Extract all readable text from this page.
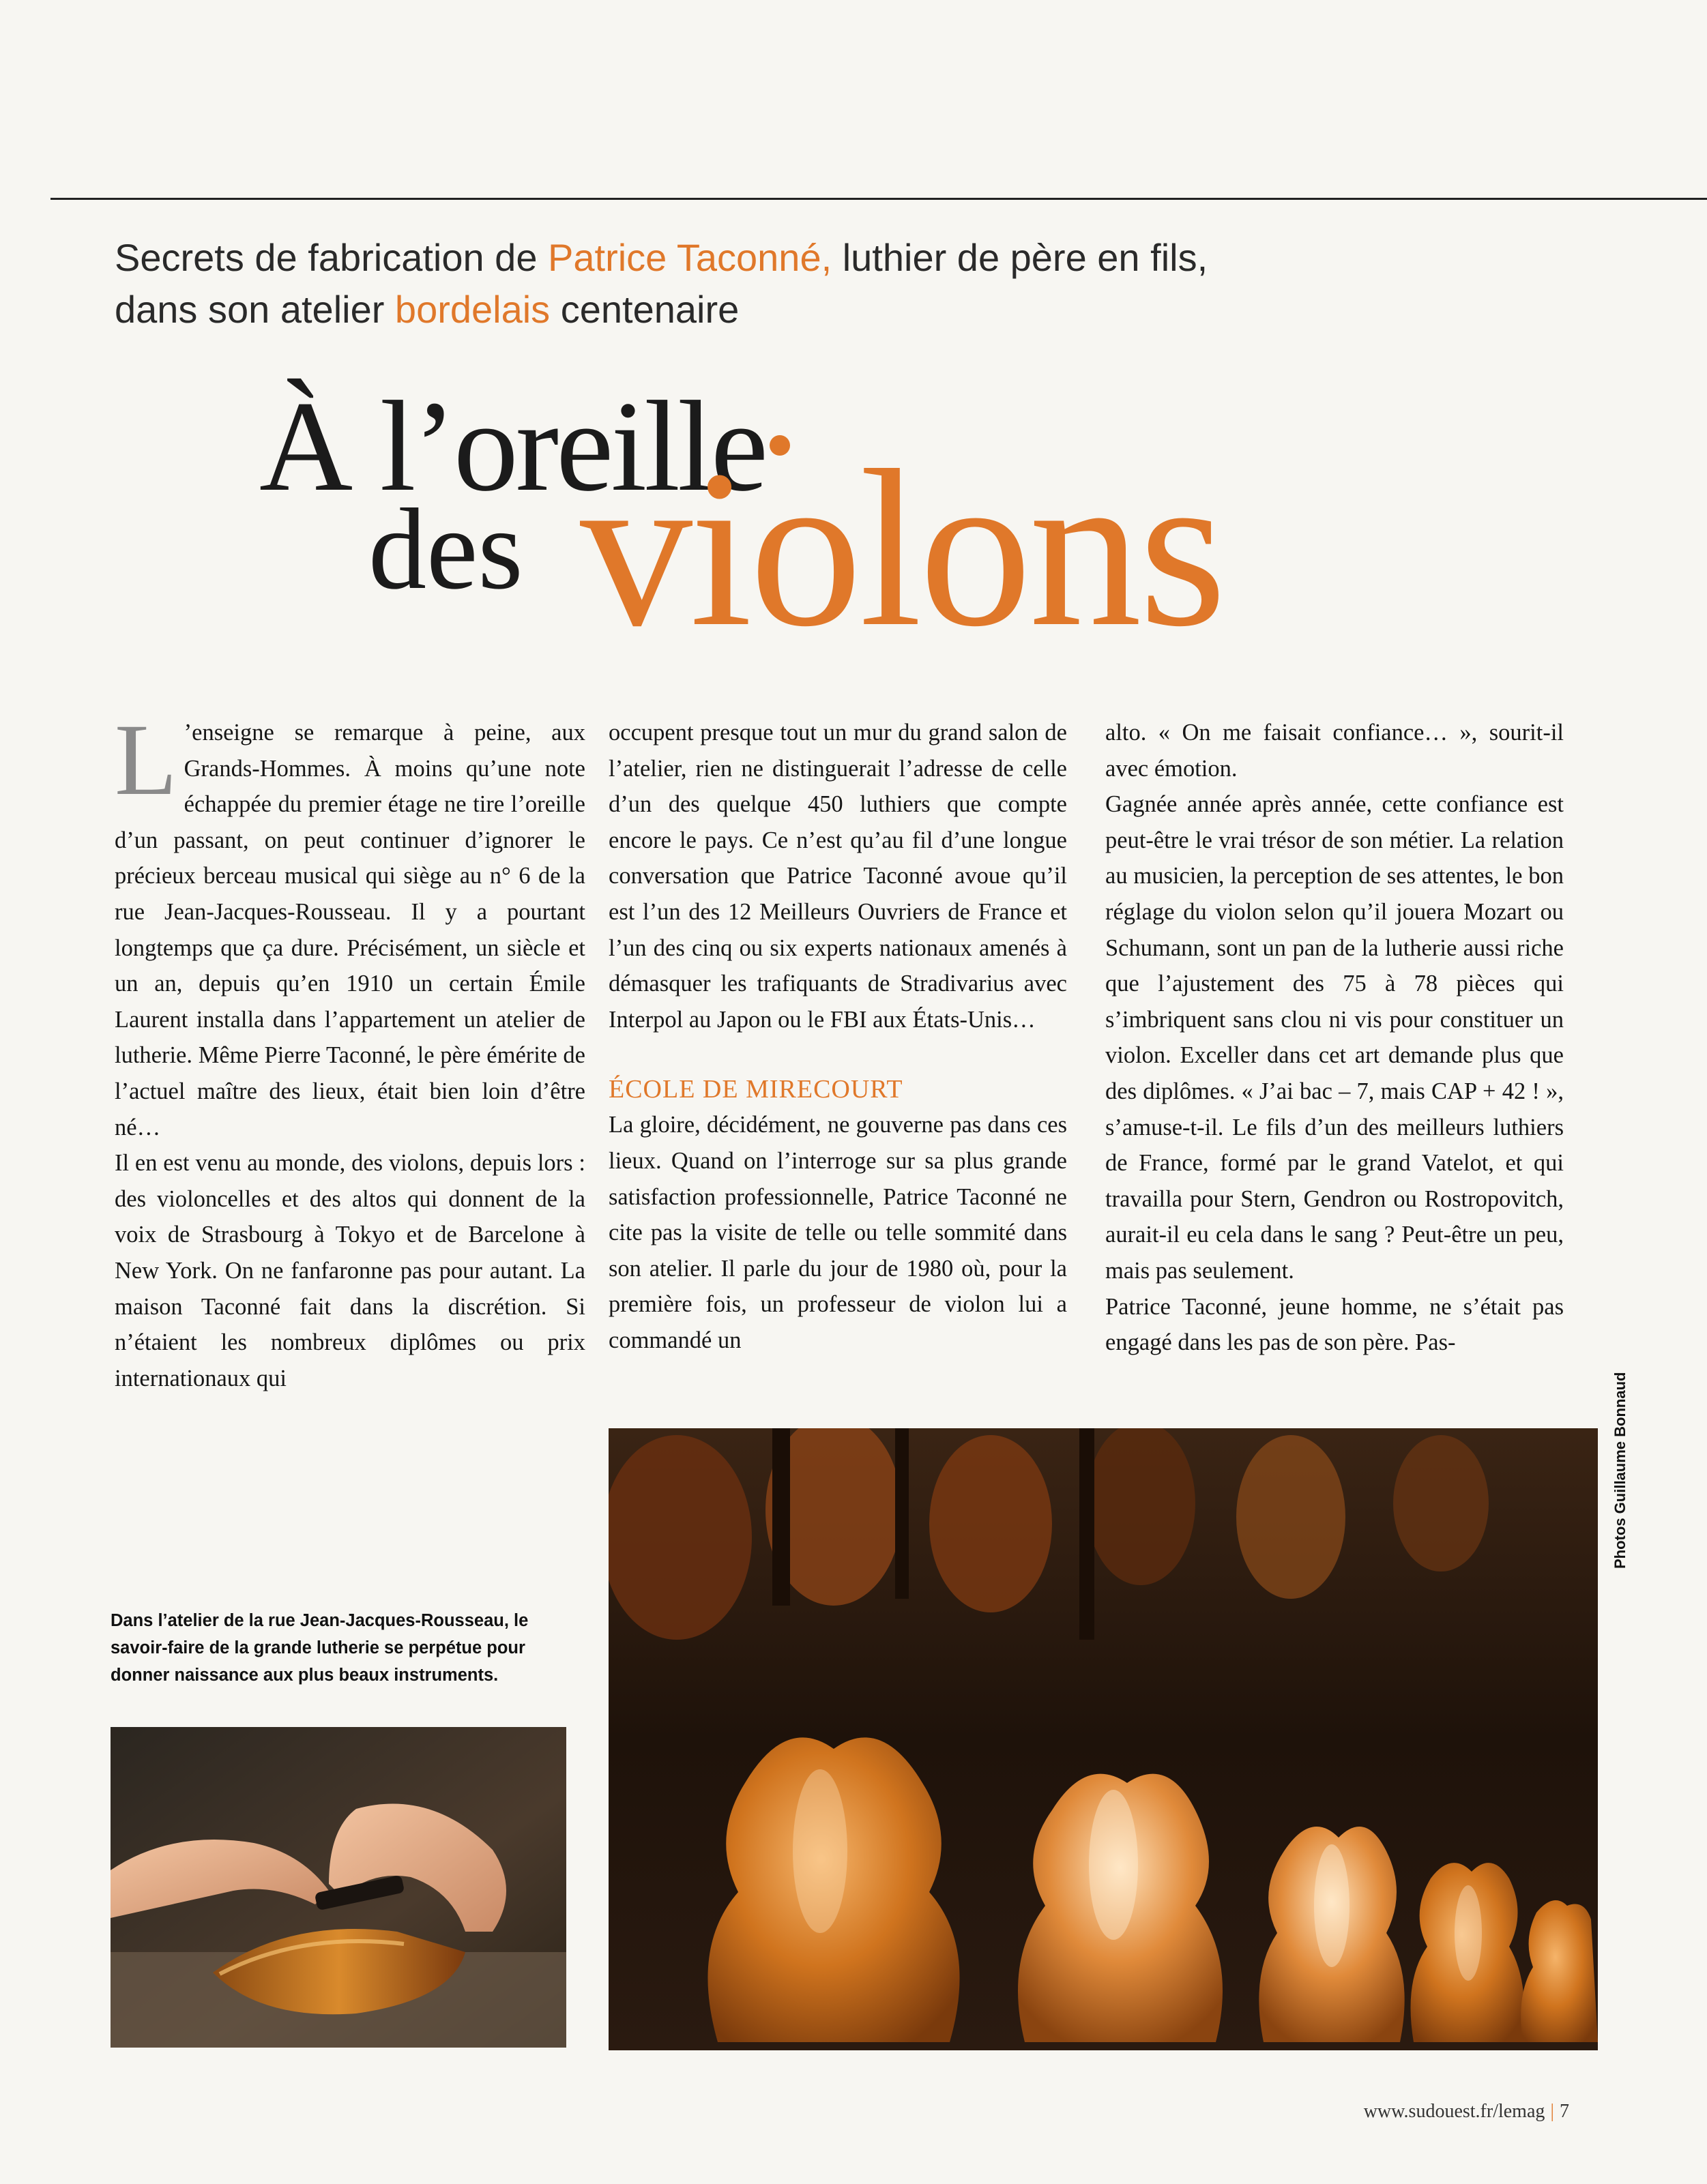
Secrets de fabrication de Patrice Taconné, luthier de père en fils, dans son atelier bordelais centenaire
À l’oreille
des violons

L ’enseigne se remarque à peine, aux Grands-Hommes. À moins qu’une note échappée du premier étage ne tire l’oreille d’un passant, on peut continuer d’ignorer le précieux berceau musical qui siège au n° 6 de la rue Jean-Jacques-Rousseau. Il y a pourtant longtemps que ça dure. Précisément, un siècle et un an, depuis qu’en 1910 un certain Émile Laurent installa dans l’appartement un atelier de lutherie. Même Pierre Taconné, le père émérite de l’actuel maître des lieux, était bien loin d’être né…

Il en est venu au monde, des violons, depuis lors : des violoncelles et des altos qui donnent de la voix de Strasbourg à Tokyo et de Barcelone à New York. On ne fanfaronne pas pour autant. La maison Taconné fait dans la discrétion. Si n’étaient les nombreux diplômes ou prix internationaux qui

occupent presque tout un mur du grand salon de l’atelier, rien ne distinguerait l’adresse de celle d’un des quelque 450 luthiers que compte encore le pays. Ce n’est qu’au fil d’une longue conversation que Patrice Taconné avoue qu’il est l’un des 12 Meilleurs Ouvriers de France et l’un des cinq ou six experts nationaux amenés à démasquer les trafiquants de Stradivarius avec Interpol au Japon ou le FBI aux États-Unis…

ÉCOLE DE MIRECOURT

La gloire, décidément, ne gouverne pas dans ces lieux. Quand on l’interroge sur sa plus grande satisfaction professionnelle, Patrice Taconné ne cite pas la visite de telle ou telle sommité dans son atelier. Il parle du jour de 1980 où, pour la première fois, un professeur de violon lui a commandé un

alto. « On me faisait confiance… », sourit-il avec émotion.

Gagnée année après année, cette confiance est peut-être le vrai trésor de son métier. La relation au musicien, la perception de ses attentes, le bon réglage du violon selon qu’il jouera Mozart ou Schumann, sont un pan de la lutherie aussi riche que l’ajustement des 75 à 78 pièces qui s’imbriquent sans clou ni vis pour constituer un violon. Exceller dans cet art demande plus que des diplômes. « J’ai bac – 7, mais CAP + 42 ! », s’amuse-t-il. Le fils d’un des meilleurs luthiers de France, formé par le grand Vatelot, et qui travailla pour Stern, Gendron ou Rostropovitch, aurait-il eu cela dans le sang ? Peut-être un peu, mais pas seulement.

Patrice Taconné, jeune homme, ne s’était pas engagé dans les pas de son père. Pas-

Dans l’atelier de la rue Jean-Jacques-Rousseau, le savoir-faire de la grande lutherie se perpétue pour donner naissance aux plus beaux instruments.
Photos Guillaume Bonnaud
www.sudouest.fr/lemag | 7
